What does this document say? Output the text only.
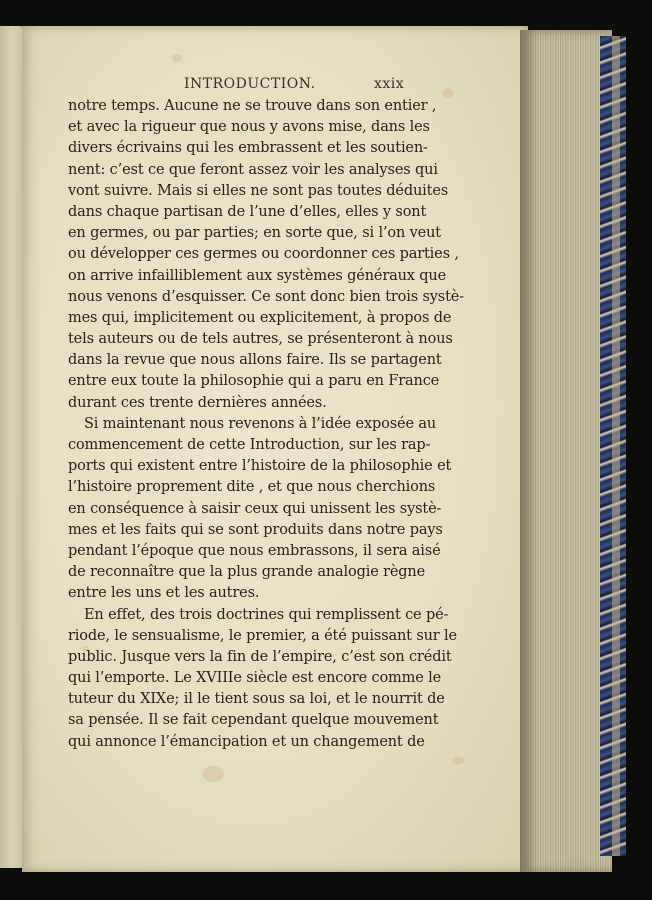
INTRODUCTION.	xxix
notre temps. Aucune ne se trouve dans son entier ,
et avec la rigueur que nous y avons mise, dans les
divers écrivains qui les embrassent et les soutien-
nent: c’est ce que feront assez voir les analyses qui
vont suivre. Mais si elles ne sont pas toutes déduites
dans chaque partisan de l’une d’elles, elles y sont
en germes, ou par parties; en sorte que, si l’on veut
ou développer ces germes ou coordonner ces parties ,
on arrive infailliblement aux systèmes généraux que
nous venons d’esquisser. Ce sont donc bien trois systè-
mes qui, implicitement ou explicitement, à propos de
tels auteurs ou de tels autres, se présenteront à nous
dans la revue que nous allons faire. Ils se partagent
entre eux toute la philosophie qui a paru en France
durant ces trente dernières années.
Si maintenant nous revenons à l’idée exposée au
commencement de cette Introduction, sur les rap-
ports qui existent entre l’histoire de la philosophie et
l’histoire proprement dite , et que nous cherchions
en conséquence à saisir ceux qui unissent les systè-
mes et les faits qui se sont produits dans notre pays
pendant l’époque que nous embrassons, il sera aisé
de reconnaître que la plus grande analogie règne
entre les uns et les autres.
En effet, des trois doctrines qui remplissent ce pé-
riode, le sensualisme, le premier, a été puissant sur le
public. Jusque vers la fin de l’empire, c’est son crédit
qui l’emporte. Le XVIIIe siècle est encore comme le
tuteur du XIXe; il le tient sous sa loi, et le nourrit de
sa pensée. Il se fait cependant quelque mouvement
qui annonce l’émancipation et un changement de
